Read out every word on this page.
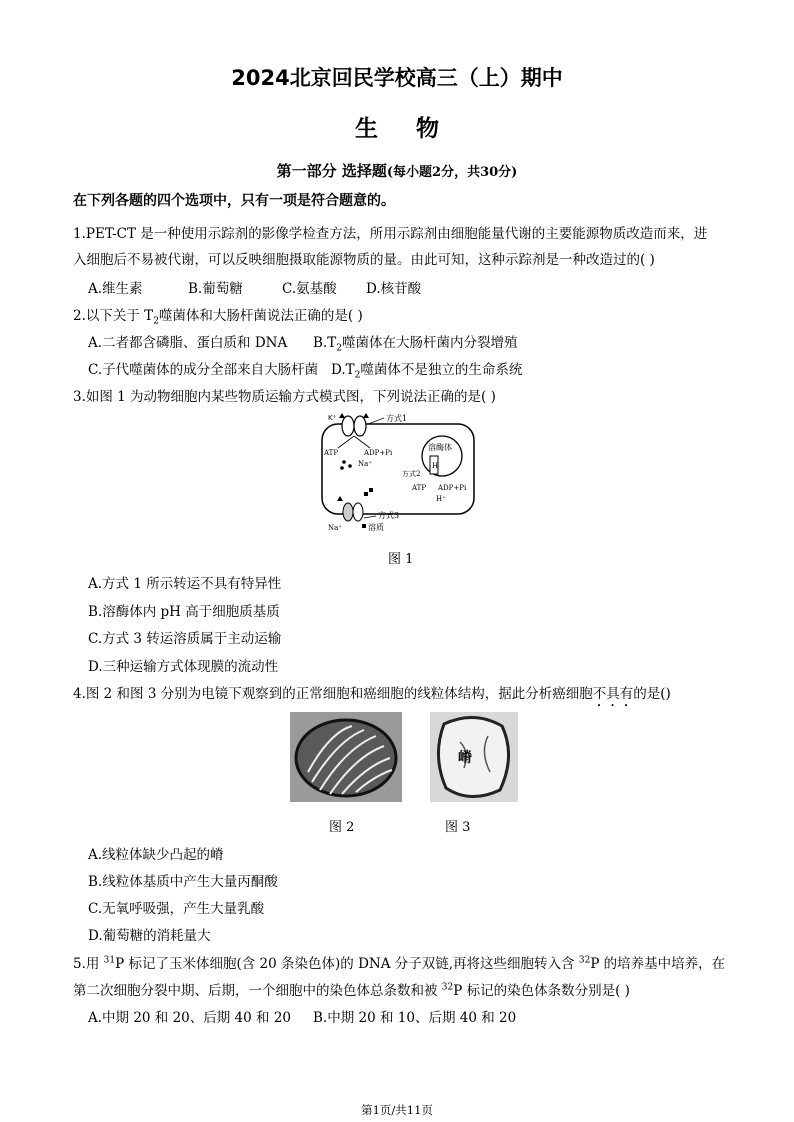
2024北京回民学校高三（上）期中
生物
第一部分 选择题(每小题2分，共30分)
在下列各题的四个选项中，只有一项是符合题意的。
1.PET-CT 是一种使用示踪剂的影像学检查方法，所用示踪剂由细胞能量代谢的主要能源物质改造而来，进
入细胞后不易被代谢，可以反映细胞摄取能源物质的量。由此可知，这种示踪剂是一种改造过的( )
A.维生素	B.葡萄糖	C.氨基酸 D.核苷酸
2.以下关于 $T_2$噬菌体和大肠杆菌说法正确的是( )
A.二者都含磷脂、蛋白质和 DNA $B.T_2$噬菌体在大肠杆菌内分裂增殖
C.子代噬菌体的成分全部来自大肠杆菌 $D.T_2$噬菌体不是独立的生命系统
3.如图 1 为动物细胞内某些物质运输方式模式图，下列说法正确的是( )
K⁺	方式1
ATP	ADP+Pi
Na⁺
溶酶体
H
方式2
ATP ADP+Pi
H⁺
方式3
Na⁺	溶质
图 1
A.方式 1 所示转运不具有特异性
B.溶酶体内 pH 高于细胞质基质
C.方式 3 转运溶质属于主动运输
D.三种运输方式体现膜的流动性
4.图 2 和图 3 分别为电镜下观察到的正常细胞和癌细胞的线粒体结构，据此分析癌细胞不具有的是()
嵴
图 2	图 3
A.线粒体缺少凸起的嵴
B.线粒体基质中产生大量丙酮酸
C.无氧呼吸强，产生大量乳酸
D.葡萄糖的消耗量大
5.用 $^{31}$P 标记了玉米体细胞(含 20 条染色体)的 DNA 分子双链,再将这些细胞转入含 $^{32}$P 的培养基中培养，在
第二次细胞分裂中期、后期，一个细胞中的染色体总条数和被 $^{32}$P 标记的染色体条数分别是( )
A.中期 20 和 20、后期 40 和 20 B.中期 20 和 10、后期 40 和 20
第1页/共11页
